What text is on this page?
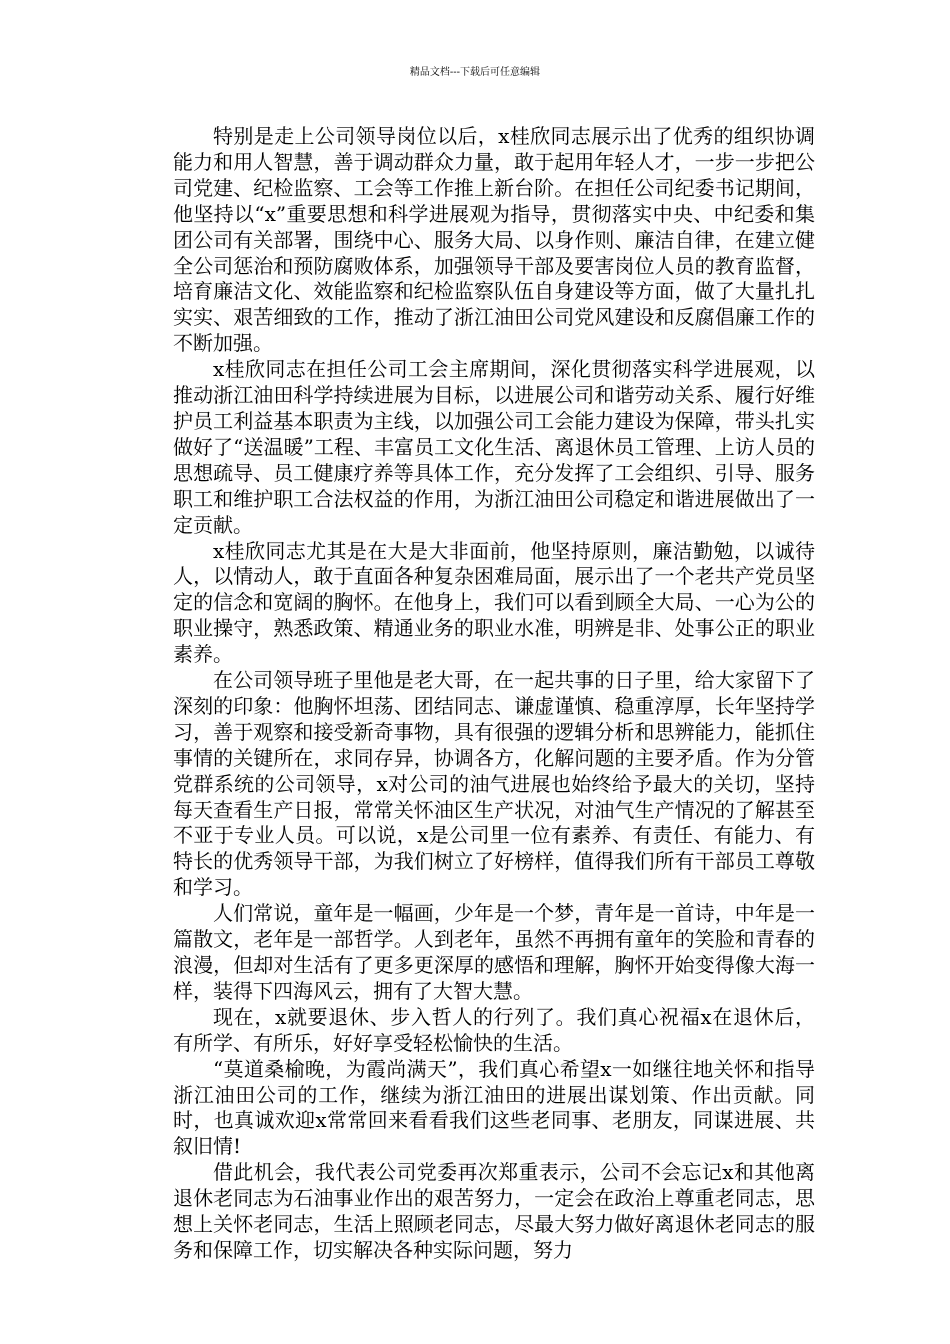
精品文档---下载后可任意编辑

特别是走上公司领导岗位以后，x桂欣同志展示出了优秀的组织协调能力和用人智慧，善于调动群众力量，敢于起用年轻人才，一步一步把公司党建、纪检监察、工会等工作推上新台阶。在担任公司纪委书记期间，他坚持以“x”重要思想和科学进展观为指导，贯彻落实中央、中纪委和集团公司有关部署，围绕中心、服务大局、以身作则、廉洁自律，在建立健全公司惩治和预防腐败体系，加强领导干部及要害岗位人员的教育监督，培育廉洁文化、效能监察和纪检监察队伍自身建设等方面，做了大量扎扎实实、艰苦细致的工作，推动了浙江油田公司党风建设和反腐倡廉工作的不断加强。

x桂欣同志在担任公司工会主席期间，深化贯彻落实科学进展观，以推动浙江油田科学持续进展为目标，以进展公司和谐劳动关系、履行好维护员工利益基本职责为主线，以加强公司工会能力建设为保障，带头扎实做好了“送温暖”工程、丰富员工文化生活、离退休员工管理、上访人员的思想疏导、员工健康疗养等具体工作，充分发挥了工会组织、引导、服务职工和维护职工合法权益的作用，为浙江油田公司稳定和谐进展做出了一定贡献。

x桂欣同志尤其是在大是大非面前，他坚持原则，廉洁勤勉，以诚待人，以情动人，敢于直面各种复杂困难局面，展示出了一个老共产党员坚定的信念和宽阔的胸怀。在他身上，我们可以看到顾全大局、一心为公的职业操守，熟悉政策、精通业务的职业水准，明辨是非、处事公正的职业素养。

在公司领导班子里他是老大哥，在一起共事的日子里，给大家留下了深刻的印象：他胸怀坦荡、团结同志、谦虚谨慎、稳重淳厚，长年坚持学习，善于观察和接受新奇事物，具有很强的逻辑分析和思辨能力，能抓住事情的关键所在，求同存异，协调各方，化解问题的主要矛盾。作为分管党群系统的公司领导，x对公司的油气进展也始终给予最大的关切，坚持每天查看生产日报，常常关怀油区生产状况，对油气生产情况的了解甚至不亚于专业人员。可以说，x是公司里一位有素养、有责任、有能力、有特长的优秀领导干部，为我们树立了好榜样，值得我们所有干部员工尊敬和学习。

人们常说，童年是一幅画，少年是一个梦，青年是一首诗，中年是一篇散文，老年是一部哲学。人到老年，虽然不再拥有童年的笑脸和青春的浪漫，但却对生活有了更多更深厚的感悟和理解，胸怀开始变得像大海一样，装得下四海风云，拥有了大智大慧。

现在，x就要退休、步入哲人的行列了。我们真心祝福x在退休后，有所学、有所乐，好好享受轻松愉快的生活。

“莫道桑榆晚，为霞尚满天”，我们真心希望x一如继往地关怀和指导浙江油田公司的工作，继续为浙江油田的进展出谋划策、作出贡献。同时，也真诚欢迎x常常回来看看我们这些老同事、老朋友，同谋进展、共叙旧情!

借此机会，我代表公司党委再次郑重表示，公司不会忘记x和其他离退休老同志为石油事业作出的艰苦努力，一定会在政治上尊重老同志，思想上关怀老同志，生活上照顾老同志，尽最大努力做好离退休老同志的服务和保障工作，切实解决各种实际问题，努力
